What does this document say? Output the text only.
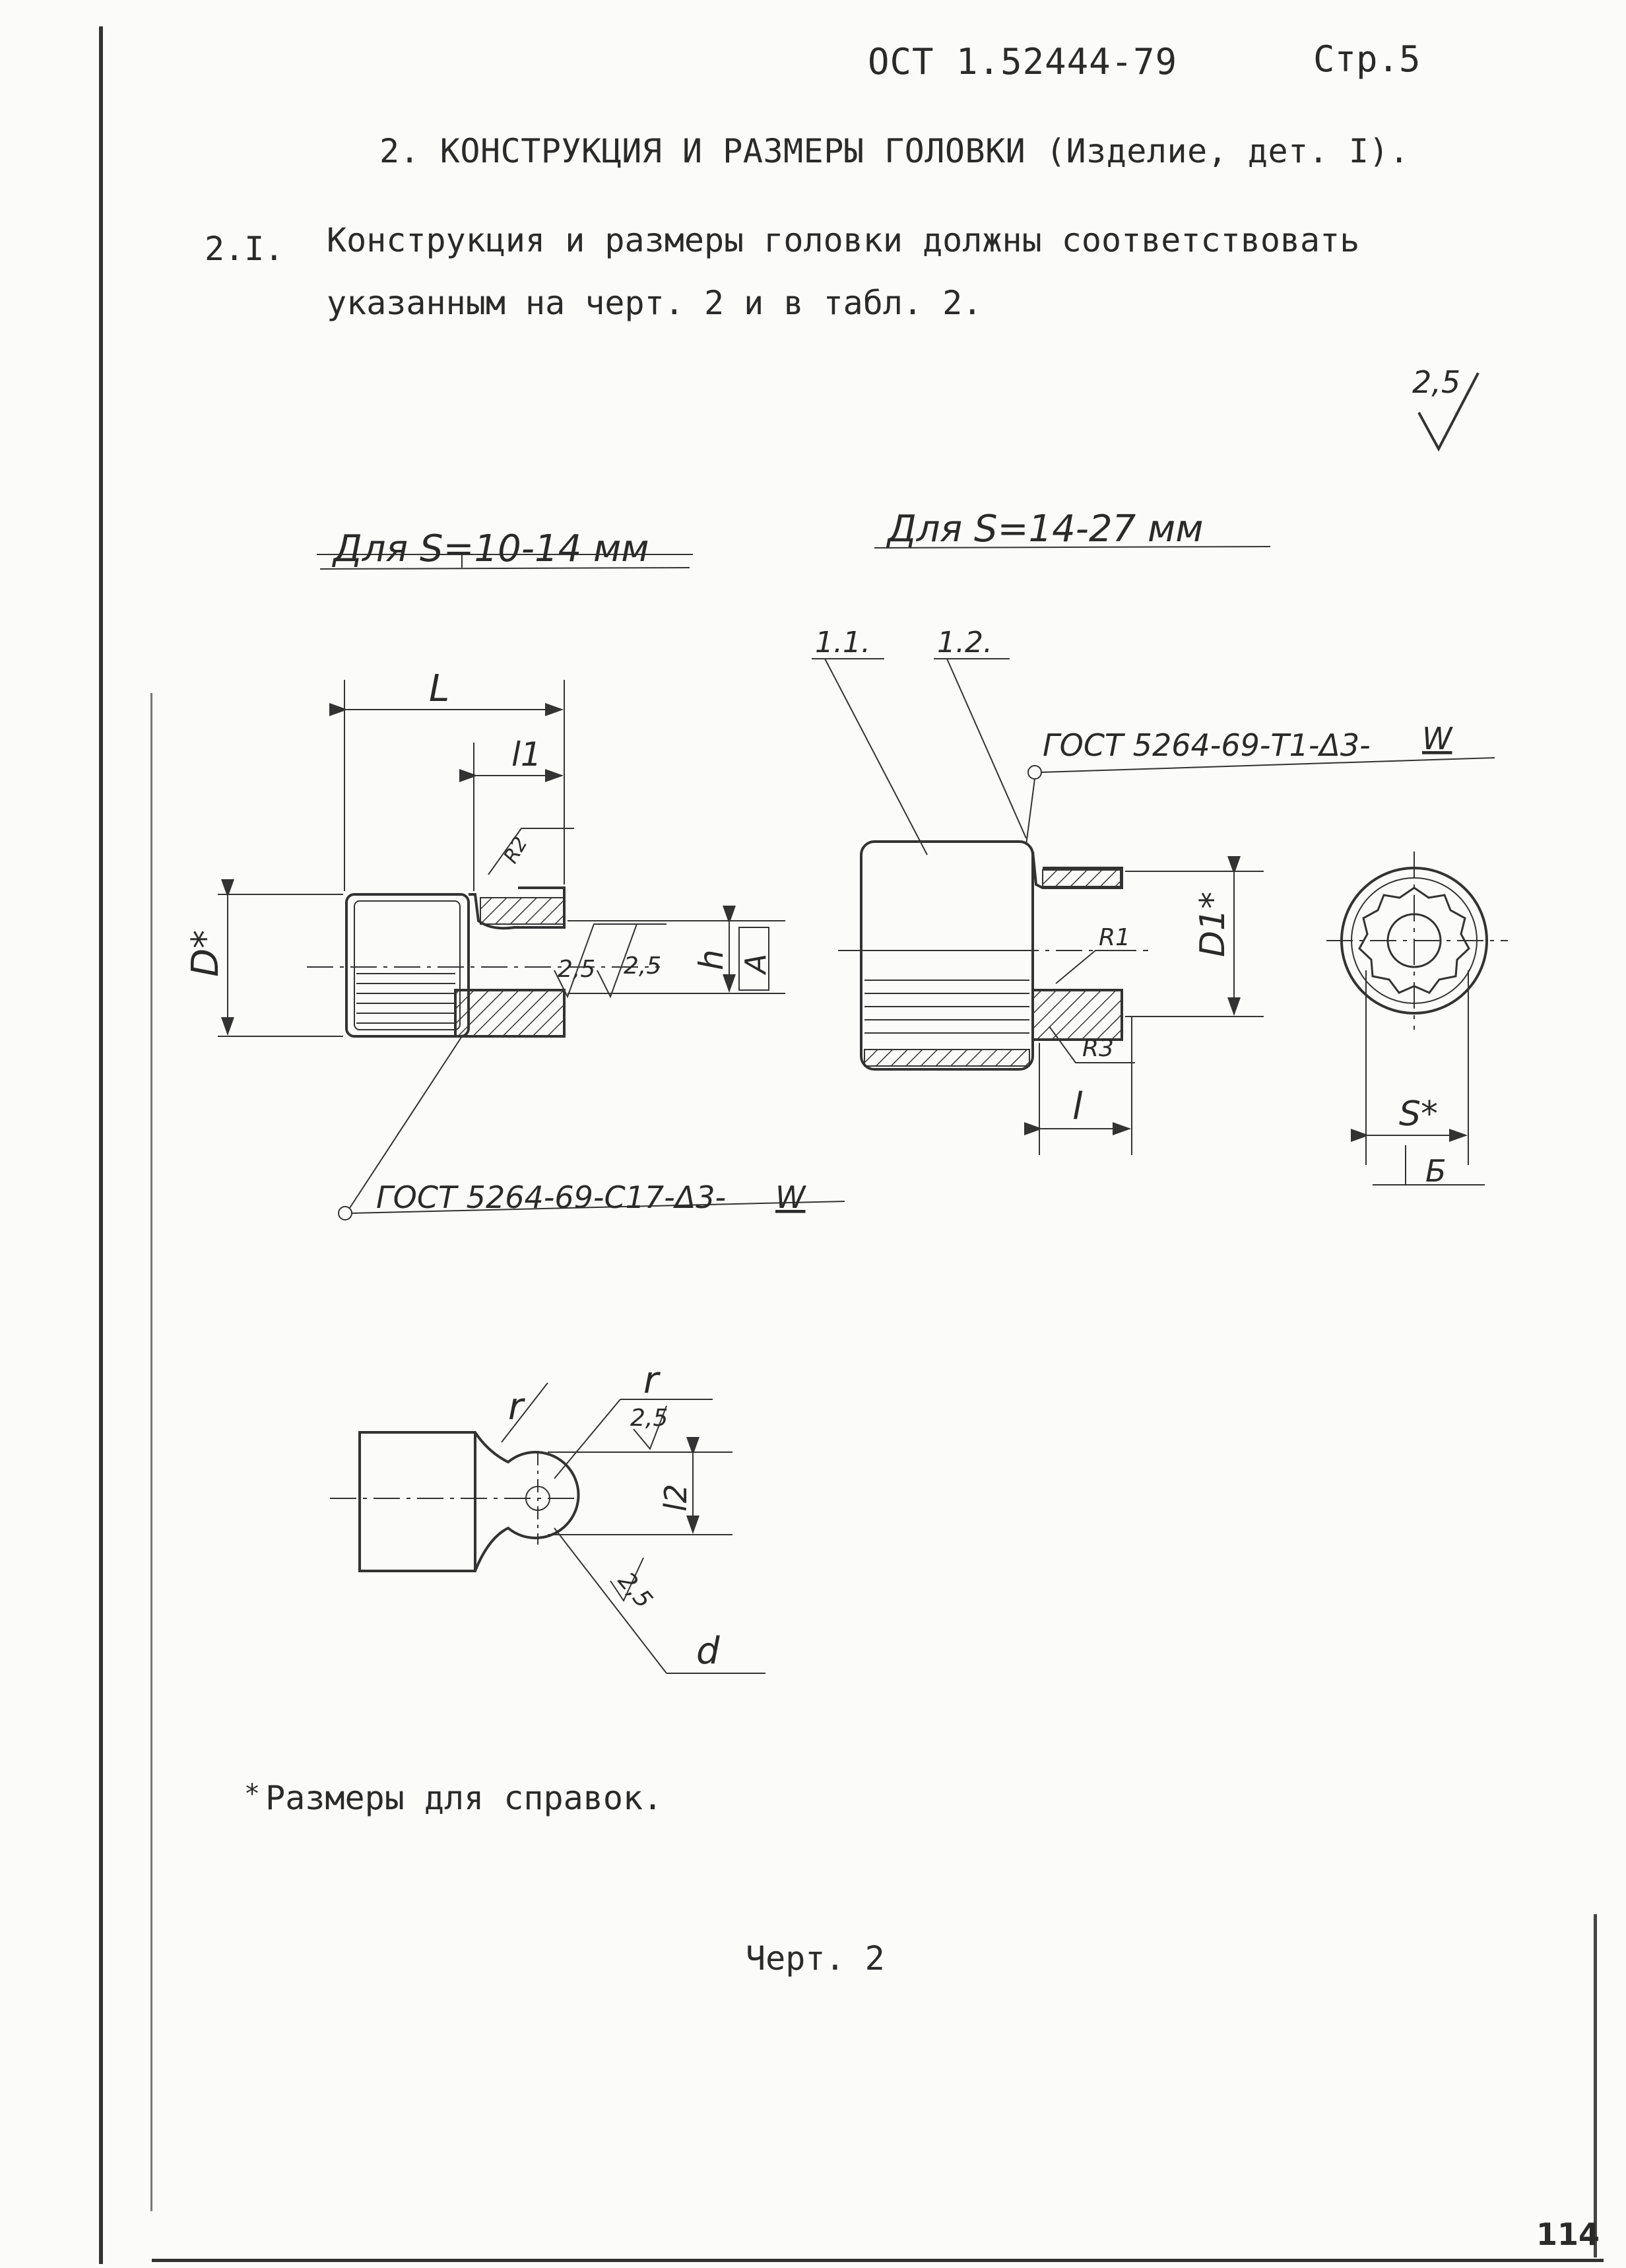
ОСТ 1.52444-79	Стр.5
2. КОНСТРУКЦИЯ И РАЗМЕРЫ ГОЛОВКИ (Изделие, дет. I).
2.I. Конструкция и размеры головки должны соответствовать
указанным на черт. 2 и в табл. 2.
2,5
Для S=10-14 мм	Для S=14-27 мм
L
l1
D*	h A
R2
2,5 2,5
ГОСТ 5264-69-С17-Δ3- W
1.1. 1.2.
ГОСТ 5264-69-Т1-Δ3- W
D1*
R1
R3
l	S*
Б
r
r
2,5
l2
2,5
d
* Размеры для справок.
Черт. 2
114
